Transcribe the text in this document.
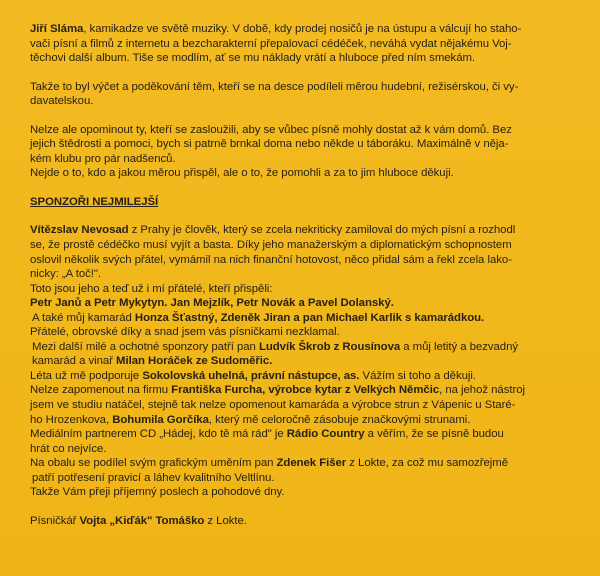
Jiří Sláma, kamikadze ve světě muziky. V době, kdy prodej nosičů je na ústupu a válcují ho staho-

vači písní a filmů z internetu a bezcharakterní přepalovací cédéček, neváhá vydat nějakému Voj-

těchovi další album. Tiše se modlím, ať se mu náklady vrátí a hluboce před ním smekám.

Takže to byl výčet a poděkování těm, kteří se na desce podíleli měrou hudební, režisérskou, či vy-

davatelskou.

Nelze ale opominout ty, kteří se zasloužili, aby se vůbec písně mohly dostat až k vám domů. Bez

jejich štědrosti a pomoci, bych si patrně brnkal doma nebo někde u táboráku. Maximálně v něja-

kém klubu pro pár nadšenců.

Nejde o to, kdo a jakou měrou přispěl, ale o to, že pomohli a za to jim hluboce děkuji.

SPONZOŘI NEJMILEJŠÍ

Vítězslav Nevosad z Prahy je člověk, který se zcela nekriticky zamiloval do mých písní a rozhodl

se, že prostě cédéčko musí vyjít a basta. Díky jeho manažerským a diplomatickým schopnostem

oslovil několik svých přátel, vymámil na nich finanční hotovost, něco přidal sám a řekl zcela lako-

nicky: „A toč!".

Toto jsou jeho a teď už i mí přátelé, kteří přispěli:

Petr Janů a Petr Mykytyn. Jan Mejzlík, Petr Novák a Pavel Dolanský.

A také můj kamarád Honza Šťastný, Zdeněk Jiran a pan Michael Karlik s kamarádkou.

Přátelé, obrovské díky a snad jsem vás písničkami nezklamal.

Mezi další milé a ochotné sponzory patří pan Ludvík Škrob z Rousínova a můj letitý a bezvadný

kamarád a vinař Milan Horáček ze Sudoměřic.

Léta už mě podporuje Sokolovská uhelná, právní nástupce, as. Vážím si toho a děkuji.

Nelze zapomenout na firmu Františka Furcha, výrobce kytar z Velkých Němčic, na jehož nástroj

jsem ve studiu natáčel, stejně tak nelze opomenout kamaráda a výrobce strun z Vápenic u Staré-

ho Hrozenkova, Bohumila Gorčíka, který mě celoročně zásobuje značkovými strunami.

Mediálním partnerem CD „Hádej, kdo tě má rád" je Rádio Country a věřím, že se písně budou

hrát co nejvíce.

Na obalu se podílel svým grafickým uměním pan Zdenek Fišer z Lokte, za což mu samozřejmě

patří potřesení pravicí a láhev kvalitního Veltlínu.

Takže Vám přeji příjemný poslech a pohodové dny.

Písničkář Vojta „Kiďák" Tomáško z Lokte.
